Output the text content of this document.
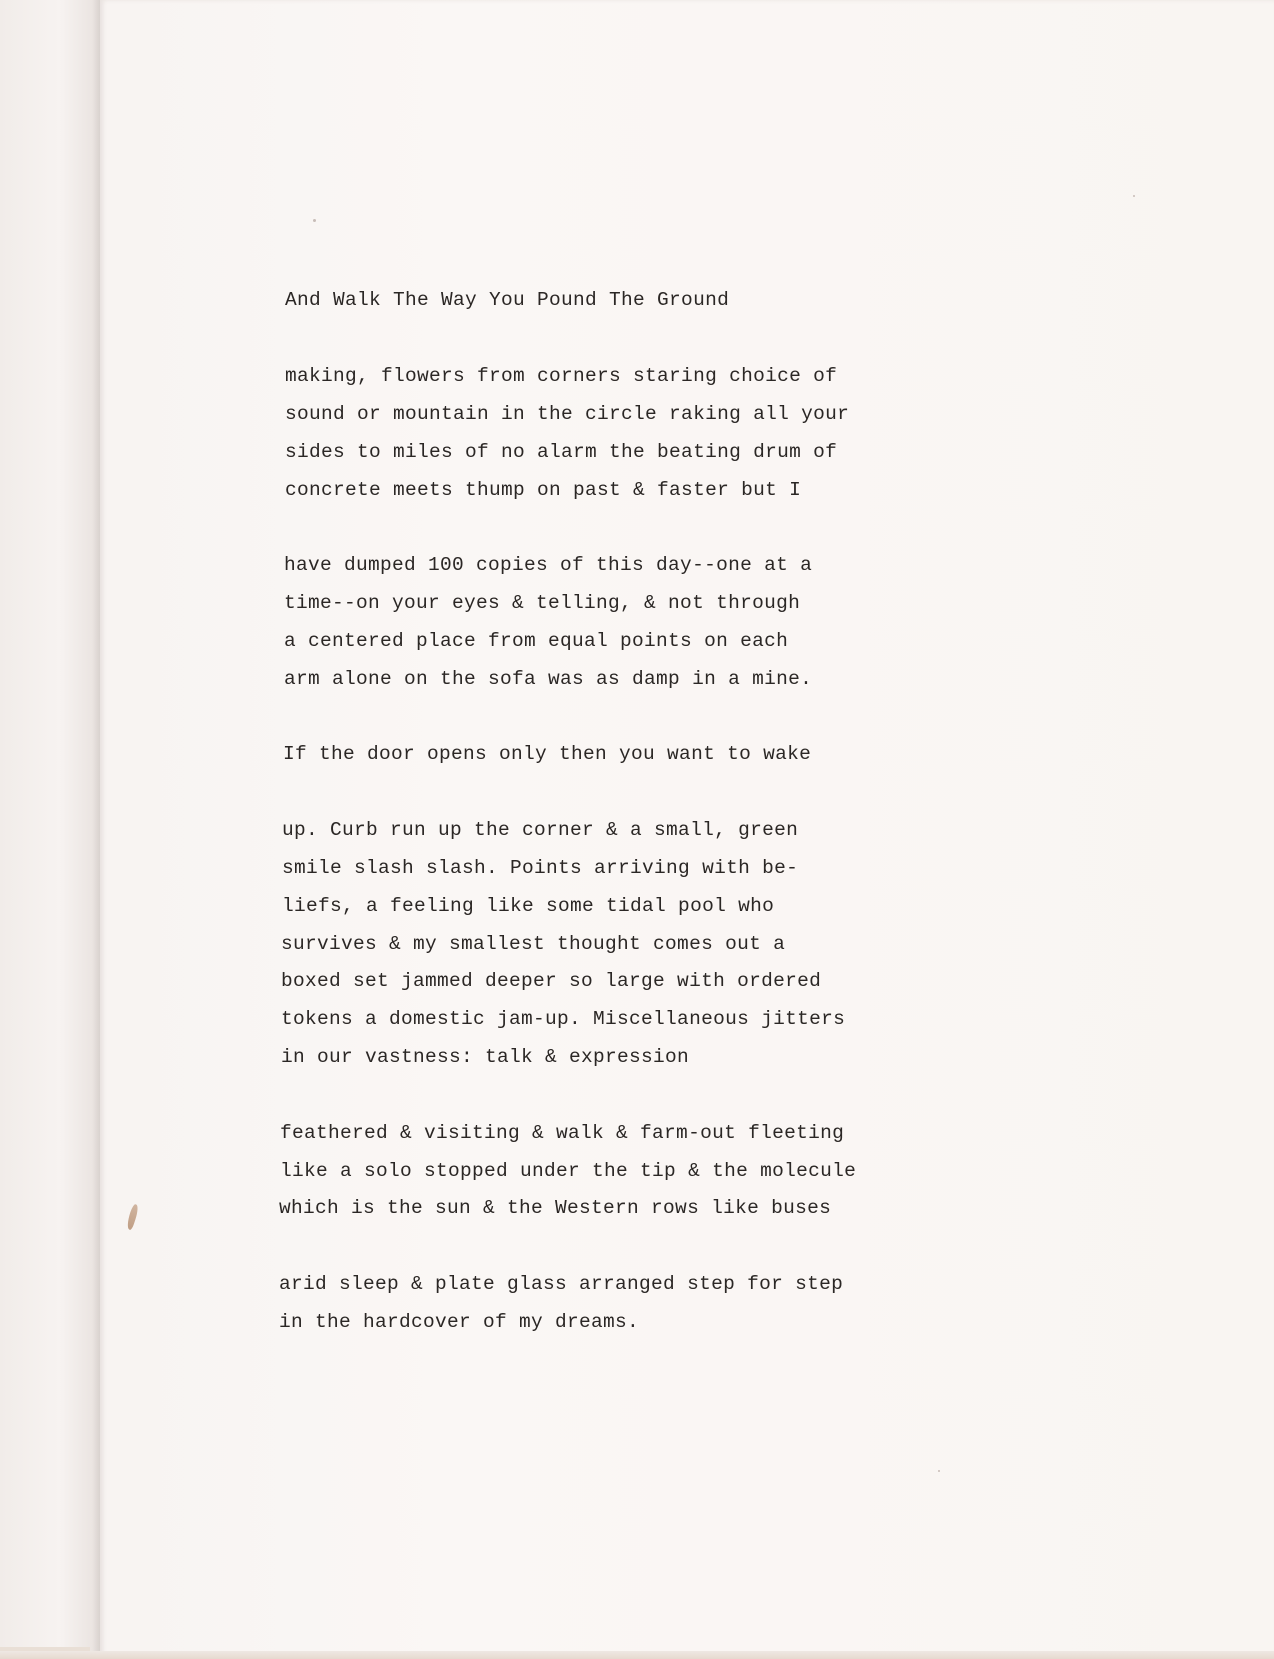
And Walk The Way You Pound The Ground
making, flowers from corners staring choice of
sound or mountain in the circle raking all your
sides to miles of no alarm the beating drum of
concrete meets thump on past & faster but I
have dumped 100 copies of this day--one at a
time--on your eyes & telling, & not through
a centered place from equal points on each
arm alone on the sofa was as damp in a mine.
If the door opens only then you want to wake
up. Curb run up the corner & a small, green
smile slash slash. Points arriving with be-
liefs, a feeling like some tidal pool who
survives & my smallest thought comes out a
boxed set jammed deeper so large with ordered
tokens a domestic jam-up. Miscellaneous jitters
in our vastness: talk & expression
feathered & visiting & walk & farm-out fleeting
like a solo stopped under the tip & the molecule
which is the sun & the Western rows like buses
arid sleep & plate glass arranged step for step
in the hardcover of my dreams.
